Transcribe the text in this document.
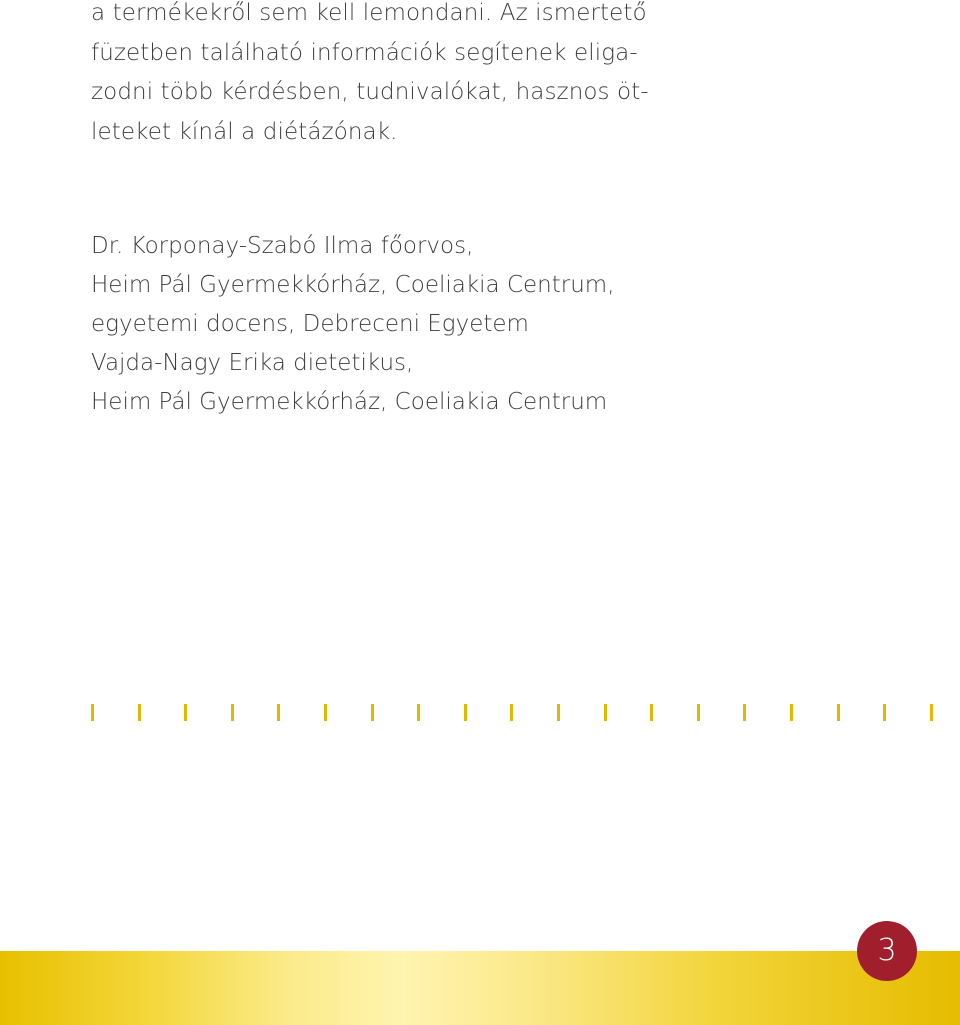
a termékekről sem kell lemondani. Az ismertető
füzetben található információk segítenek eliga-
zodni több kérdésben, tudnivalókat, hasznos öt-
leteket kínál a diétázónak.
Dr. Korponay-Szabó Ilma főorvos,
Heim Pál Gyermekkórház, Coeliakia Centrum,
egyetemi docens, Debreceni Egyetem
Vajda-Nagy Erika dietetikus,
Heim Pál Gyermekkórház, Coeliakia Centrum
3
